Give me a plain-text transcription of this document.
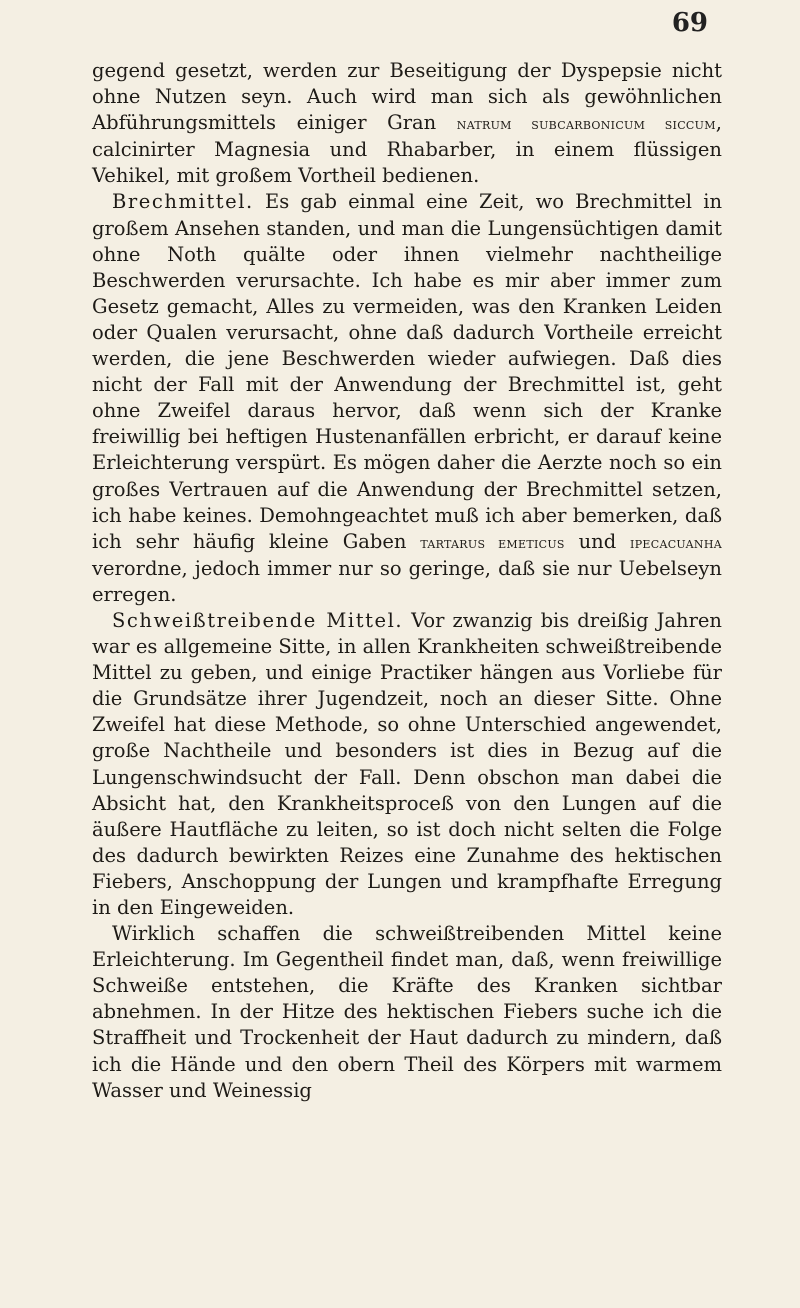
69

gegend gesetzt, werden zur Beseitigung der Dyspepsie nicht ohne Nutzen seyn. Auch wird man sich als gewöhnlichen Abführungsmittels einiger Gran natrum subcarbonicum siccum, calcinirter Magnesia und Rhabarber, in einem flüssigen Vehikel, mit großem Vortheil bedienen.

Brechmittel. Es gab einmal eine Zeit, wo Brechmittel in großem Ansehen standen, und man die Lungensüchtigen damit ohne Noth quälte oder ihnen vielmehr nachtheilige Beschwerden verursachte. Ich habe es mir aber immer zum Gesetz gemacht, Alles zu vermeiden, was den Kranken Leiden oder Qualen verursacht, ohne daß dadurch Vortheile erreicht werden, die jene Beschwerden wieder aufwiegen. Daß dies nicht der Fall mit der Anwendung der Brechmittel ist, geht ohne Zweifel daraus hervor, daß wenn sich der Kranke freiwillig bei heftigen Hustenanfällen erbricht, er darauf keine Erleichterung verspürt. Es mögen daher die Aerzte noch so ein großes Vertrauen auf die Anwendung der Brechmittel setzen, ich habe keines. Demohngeachtet muß ich aber bemerken, daß ich sehr häufig kleine Gaben tartarus emeticus und ipecacuanha verordne, jedoch immer nur so geringe, daß sie nur Uebelseyn erregen.

Schweißtreibende Mittel. Vor zwanzig bis dreißig Jahren war es allgemeine Sitte, in allen Krankheiten schweißtreibende Mittel zu geben, und einige Practiker hängen aus Vorliebe für die Grundsätze ihrer Jugendzeit, noch an dieser Sitte. Ohne Zweifel hat diese Methode, so ohne Unterschied angewendet, große Nachtheile und besonders ist dies in Bezug auf die Lungenschwindsucht der Fall. Denn obschon man dabei die Absicht hat, den Krankheitsproceß von den Lungen auf die äußere Hautfläche zu leiten, so ist doch nicht selten die Folge des dadurch bewirkten Reizes eine Zunahme des hektischen Fiebers, Anschoppung der Lungen und krampfhafte Erregung in den Eingeweiden.

Wirklich schaffen die schweißtreibenden Mittel keine Erleichterung. Im Gegentheil findet man, daß, wenn freiwillige Schweiße entstehen, die Kräfte des Kranken sichtbar abnehmen. In der Hitze des hektischen Fiebers suche ich die Straffheit und Trockenheit der Haut dadurch zu mindern, daß ich die Hände und den obern Theil des Körpers mit warmem Wasser und Weinessig
